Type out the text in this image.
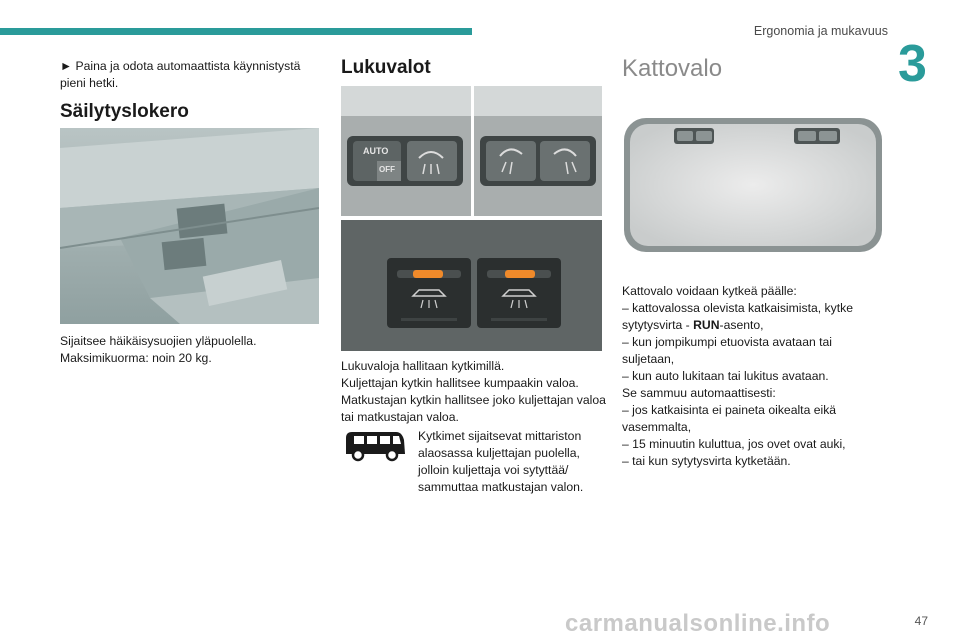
Ergonomia ja mukavuus
3

► Paina ja odota automaattista käynnistystä

pieni hetki.

Säilytyslokero

Sijaitsee häikäisysuojien yläpuolella.

Maksimikuorma: noin 20 kg.

Lukuvalot

AUTO
OFF

Lukuvaloja hallitaan kytkimillä.

Kuljettajan kytkin hallitsee kumpaakin valoa.

Matkustajan kytkin hallitsee joko kuljettajan valoa

tai matkustajan valoa.

Kytkimet sijaitsevat mittariston

alaosassa kuljettajan puolella,

jolloin kuljettaja voi sytyttää/

sammuttaa matkustajan valon.

Kattovalo

Kattovalo voidaan kytkeä päälle:

– kattovalossa olevista katkaisimista, kytke

sytytysvirta - RUN-asento,

– kun jompikumpi etuovista avataan tai

suljetaan,

– kun auto lukitaan tai lukitus avataan.

Se sammuu automaattisesti:

– jos katkaisinta ei paineta oikealta eikä

vasemmalta,

– 15 minuutin kuluttua, jos ovet ovat auki,

– tai kun sytytysvirta kytketään.

carmanualsonline.info	47
